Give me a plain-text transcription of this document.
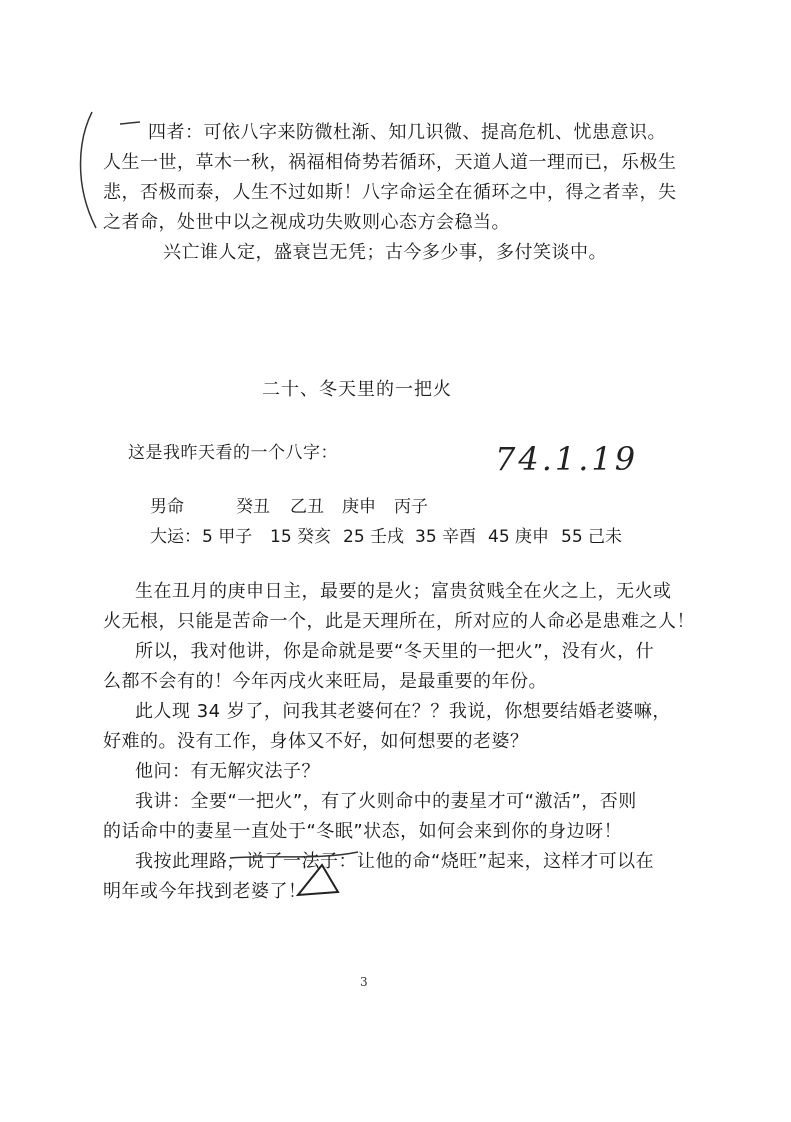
四者：可依八字来防微杜渐、知几识微、提高危机、忧患意识。
人生一世，草木一秋，祸福相倚势若循环，天道人道一理而已，乐极生
悲，否极而泰，人生不过如斯！八字命运全在循环之中，得之者幸，失
之者命，处世中以之视成功失败则心态方会稳当。
兴亡谁人定，盛衰岂无凭；古今多少事，多付笑谈中。
二十、冬天里的一把火
这是我昨天看的一个八字：	74.1.19
男命	癸丑 乙丑 庚申 丙子
大运： 5 甲子 15 癸亥 25 壬戌 35 辛酉 45 庚申 55 己未
生在丑月的庚申日主，最要的是火；富贵贫贱全在火之上，无火或
火无根，只能是苦命一个，此是天理所在，所对应的人命必是患难之人！
所以，我对他讲，你是命就是要“冬天里的一把火”，没有火，什
么都不会有的！今年丙戌火来旺局，是最重要的年份。
此人现 34 岁了，问我其老婆何在？？我说，你想要结婚老婆嘛，
好难的。没有工作，身体又不好，如何想要的老婆？
他问：有无解灾法子？
我讲：全要“一把火”，有了火则命中的妻星才可“激活”，否则
的话命中的妻星一直处于“冬眠”状态，如何会来到你的身边呀！
我按此理路，说了一法子：让他的命“烧旺”起来，这样才可以在
明年或今年找到老婆了！
3
